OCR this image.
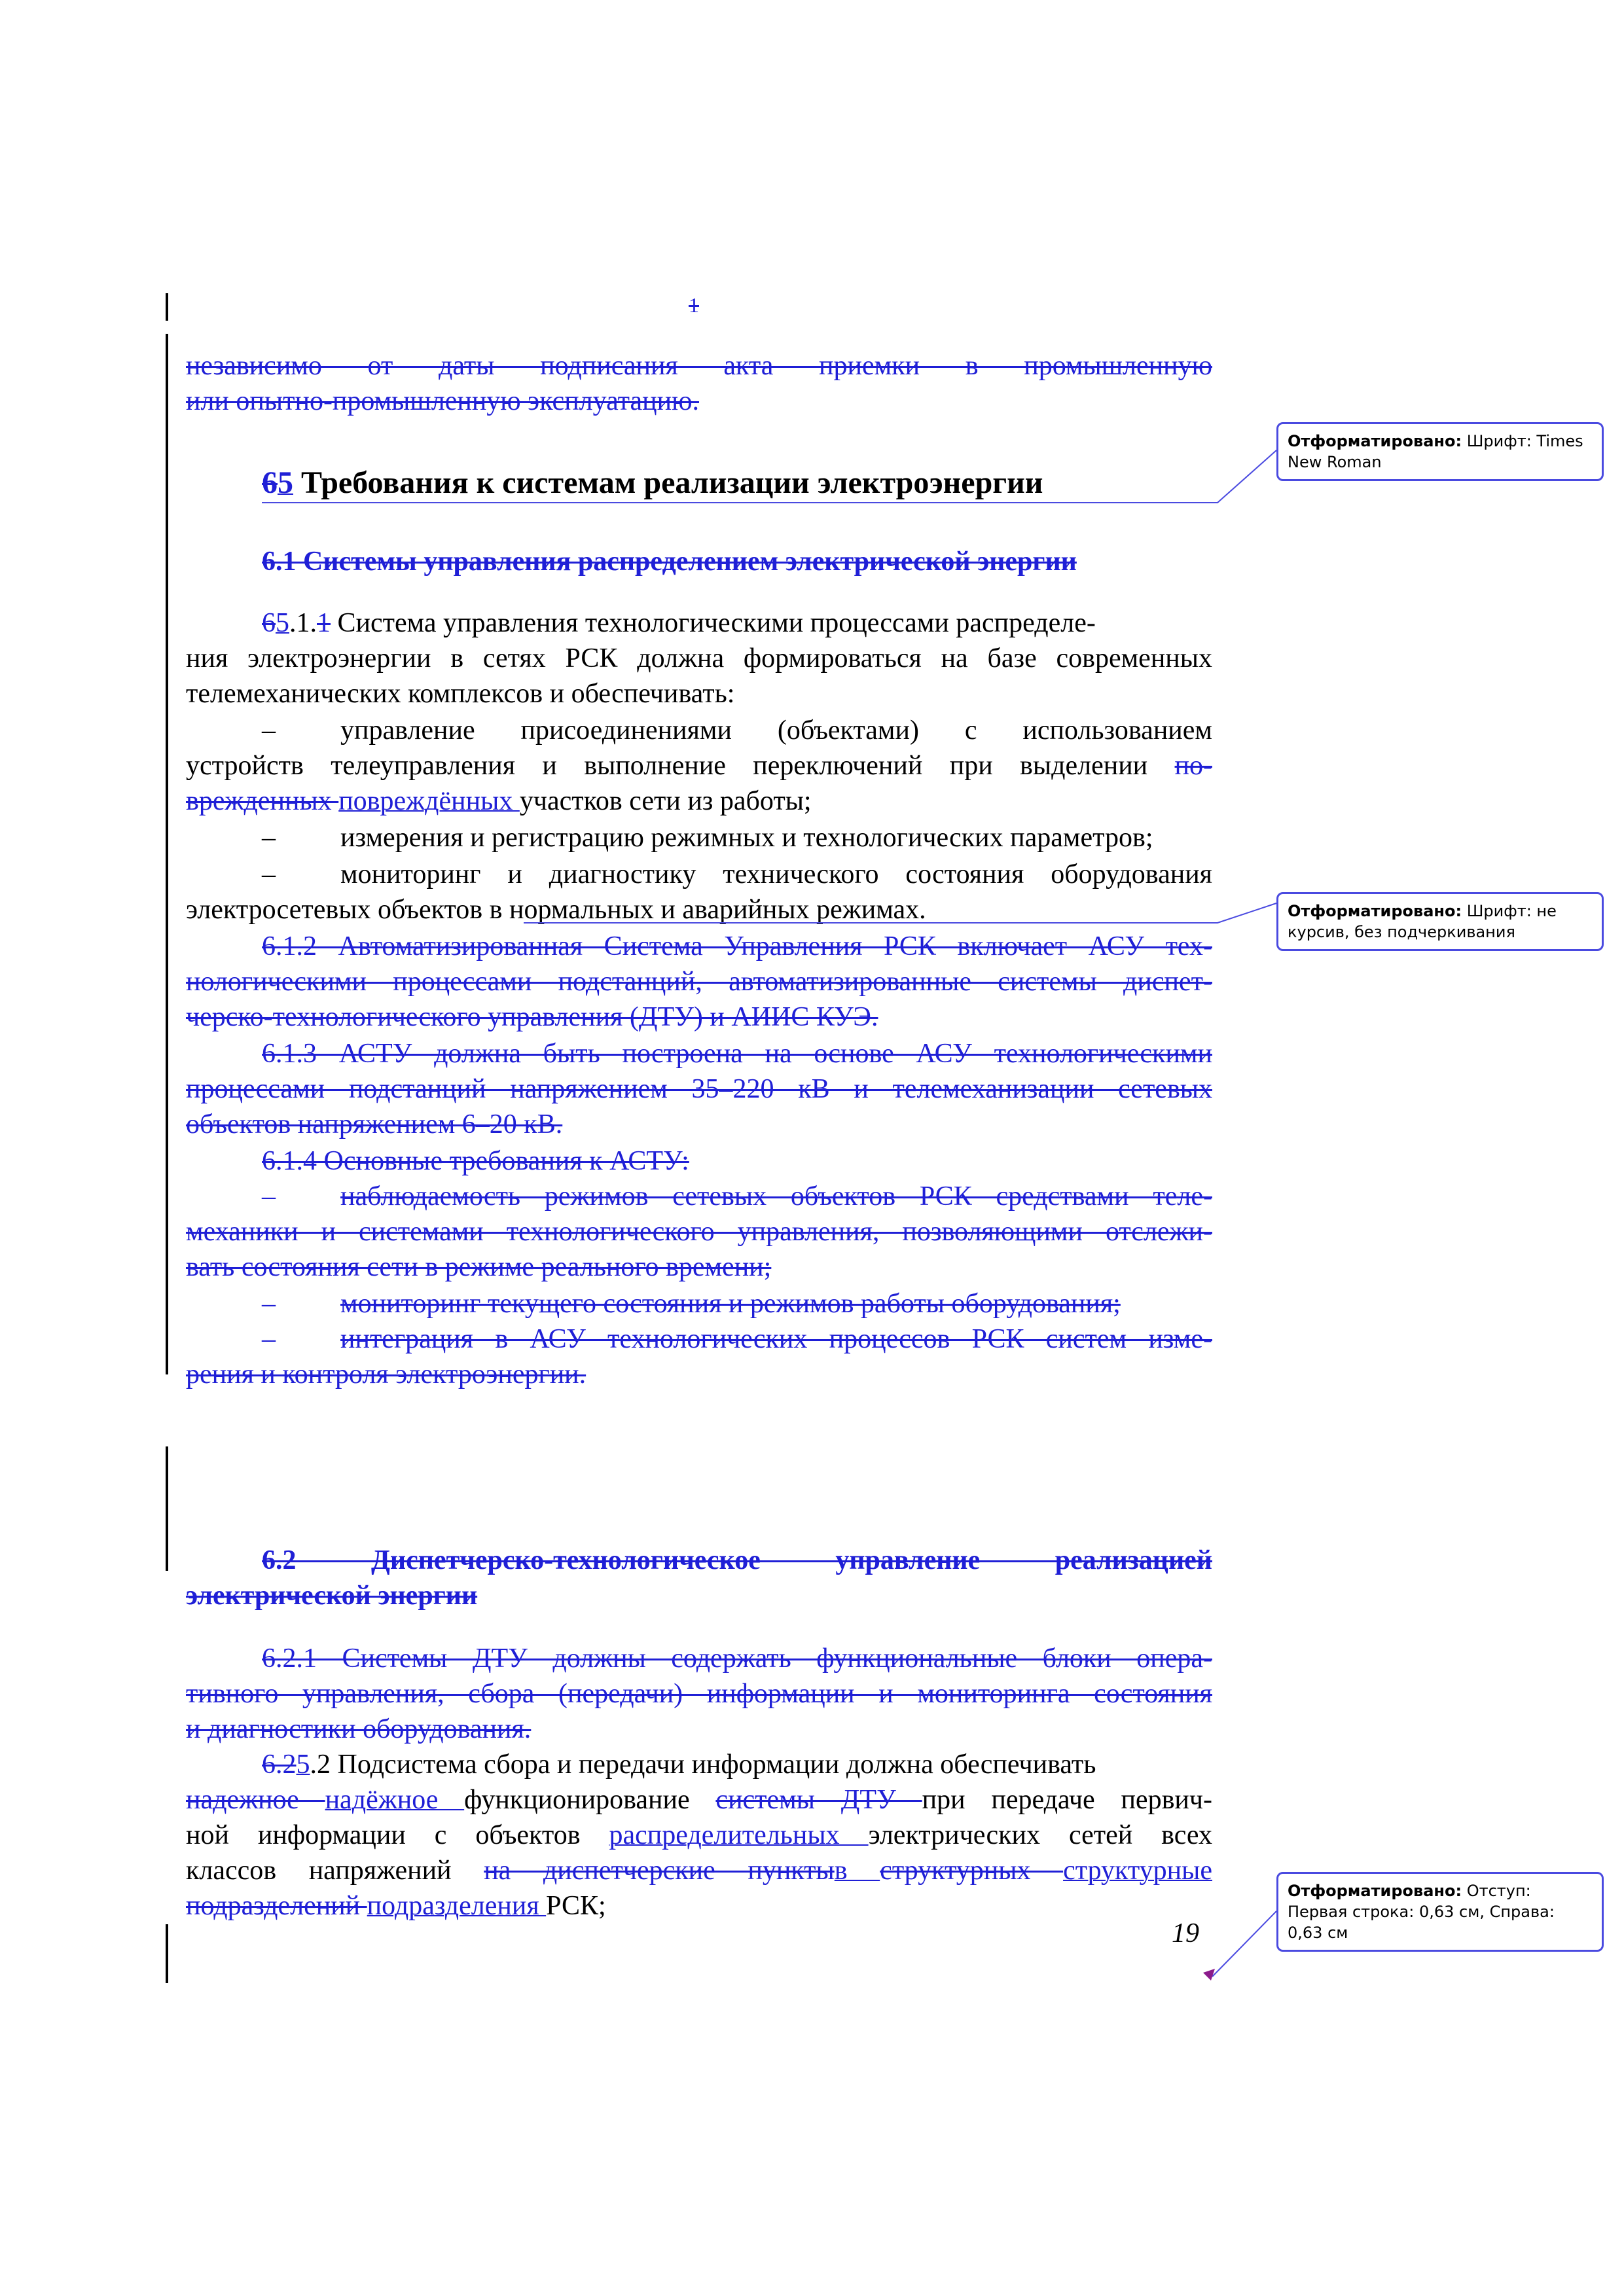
1
независимо от даты подписания акта приемки в промышленную
или опытно-промышленную эксплуатацию.
65 Требования к системам реализации электроэнергии
6.1 Системы управления распределением электрической энергии
65.1.1 Система управления технологическими процессами распределе-
ния электроэнергии в сетях РСК должна формироваться на базе современных
телемеханических комплексов и обеспечивать:
– управление присоединениями (объектами) с использованием
устройств телеуправления и выполнение переключений при выделении по-
врежденных повреждённых участков сети из работы;
– измерения и регистрацию режимных и технологических параметров;
– мониторинг и диагностику технического состояния оборудования
электросетевых объектов в нормальных и аварийных режимах.
6.1.2 Автоматизированная Система Управления РСК включает АСУ тех-
нологическими процессами подстанций, автоматизированные системы диспет-
черско-технологического управления (ДТУ) и АИИС КУЭ.
6.1.3 АСТУ должна быть построена на основе АСУ технологическими
процессами подстанций напряжением 35–220 кВ и телемеханизации сетевых
объектов напряжением 6–20 кВ.
6.1.4 Основные требования к АСТУ:
– наблюдаемость режимов сетевых объектов РСК средствами теле-
механики и системами технологического управления, позволяющими отслежи-
вать состояния сети в режиме реального времени;
– мониторинг текущего состояния и режимов работы оборудования;
– интеграция в АСУ технологических процессов РСК систем изме-
рения и контроля электроэнергии.
6.2 Диспетчерско-технологическое управление реализацией
электрической энергии
6.2.1 Системы ДТУ должны содержать функциональные блоки опера-
тивного управления, сбора (передачи) информации и мониторинга состояния
и диагностики оборудования.
6.25.2 Подсистема сбора и передачи информации должна обеспечивать
надежное надёжное функционирование системы ДТУ при передаче первич-
ной информации с объектов распределительных электрических сетей всех
классов напряжений на диспетчерские пунктыв структурных структурные
подразделений подразделения РСК;
19
Отформатировано: Шрифт: Times New Roman
Отформатировано: Шрифт: не курсив, без подчеркивания
Отформатировано: Отступ: Первая строка: 0,63 см, Справа: 0,63 см
